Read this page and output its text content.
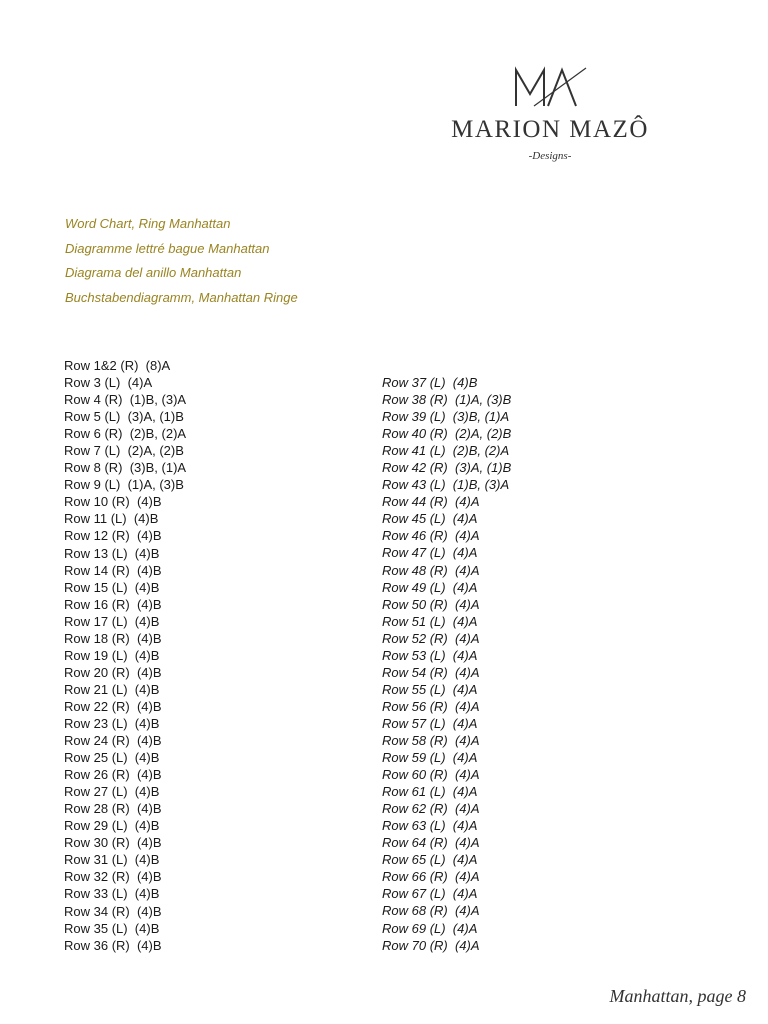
MARION MAZÔ
-Designs-
Word Chart, Ring Manhattan
Diagramme lettré bague Manhattan
Diagrama del anillo Manhattan
Buchstabendiagramm, Manhattan Ringe
Row 1&2 (R)  (8)A
Row 3 (L)  (4)A
Row 4 (R)  (1)B, (3)A
Row 5 (L)  (3)A, (1)B
Row 6 (R)  (2)B, (2)A
Row 7 (L)  (2)A, (2)B
Row 8 (R)  (3)B, (1)A
Row 9 (L)  (1)A, (3)B
Row 10 (R)  (4)B
Row 11 (L)  (4)B
Row 12 (R)  (4)B
Row 13 (L)  (4)B
Row 14 (R)  (4)B
Row 15 (L)  (4)B
Row 16 (R)  (4)B
Row 17 (L)  (4)B
Row 18 (R)  (4)B
Row 19 (L)  (4)B
Row 20 (R)  (4)B
Row 21 (L)  (4)B
Row 22 (R)  (4)B
Row 23 (L)  (4)B
Row 24 (R)  (4)B
Row 25 (L)  (4)B
Row 26 (R)  (4)B
Row 27 (L)  (4)B
Row 28 (R)  (4)B
Row 29 (L)  (4)B
Row 30 (R)  (4)B
Row 31 (L)  (4)B
Row 32 (R)  (4)B
Row 33 (L)  (4)B
Row 34 (R)  (4)B
Row 35 (L)  (4)B
Row 36 (R)  (4)B
Row 37 (L)  (4)B
Row 38 (R)  (1)A, (3)B
Row 39 (L)  (3)B, (1)A
Row 40 (R)  (2)A, (2)B
Row 41 (L)  (2)B, (2)A
Row 42 (R)  (3)A, (1)B
Row 43 (L)  (1)B, (3)A
Row 44 (R)  (4)A
Row 45 (L)  (4)A
Row 46 (R)  (4)A
Row 47 (L)  (4)A
Row 48 (R)  (4)A
Row 49 (L)  (4)A
Row 50 (R)  (4)A
Row 51 (L)  (4)A
Row 52 (R)  (4)A
Row 53 (L)  (4)A
Row 54 (R)  (4)A
Row 55 (L)  (4)A
Row 56 (R)  (4)A
Row 57 (L)  (4)A
Row 58 (R)  (4)A
Row 59 (L)  (4)A
Row 60 (R)  (4)A
Row 61 (L)  (4)A
Row 62 (R)  (4)A
Row 63 (L)  (4)A
Row 64 (R)  (4)A
Row 65 (L)  (4)A
Row 66 (R)  (4)A
Row 67 (L)  (4)A
Row 68 (R)  (4)A
Row 69 (L)  (4)A
Row 70 (R)  (4)A
Manhattan, page 8
